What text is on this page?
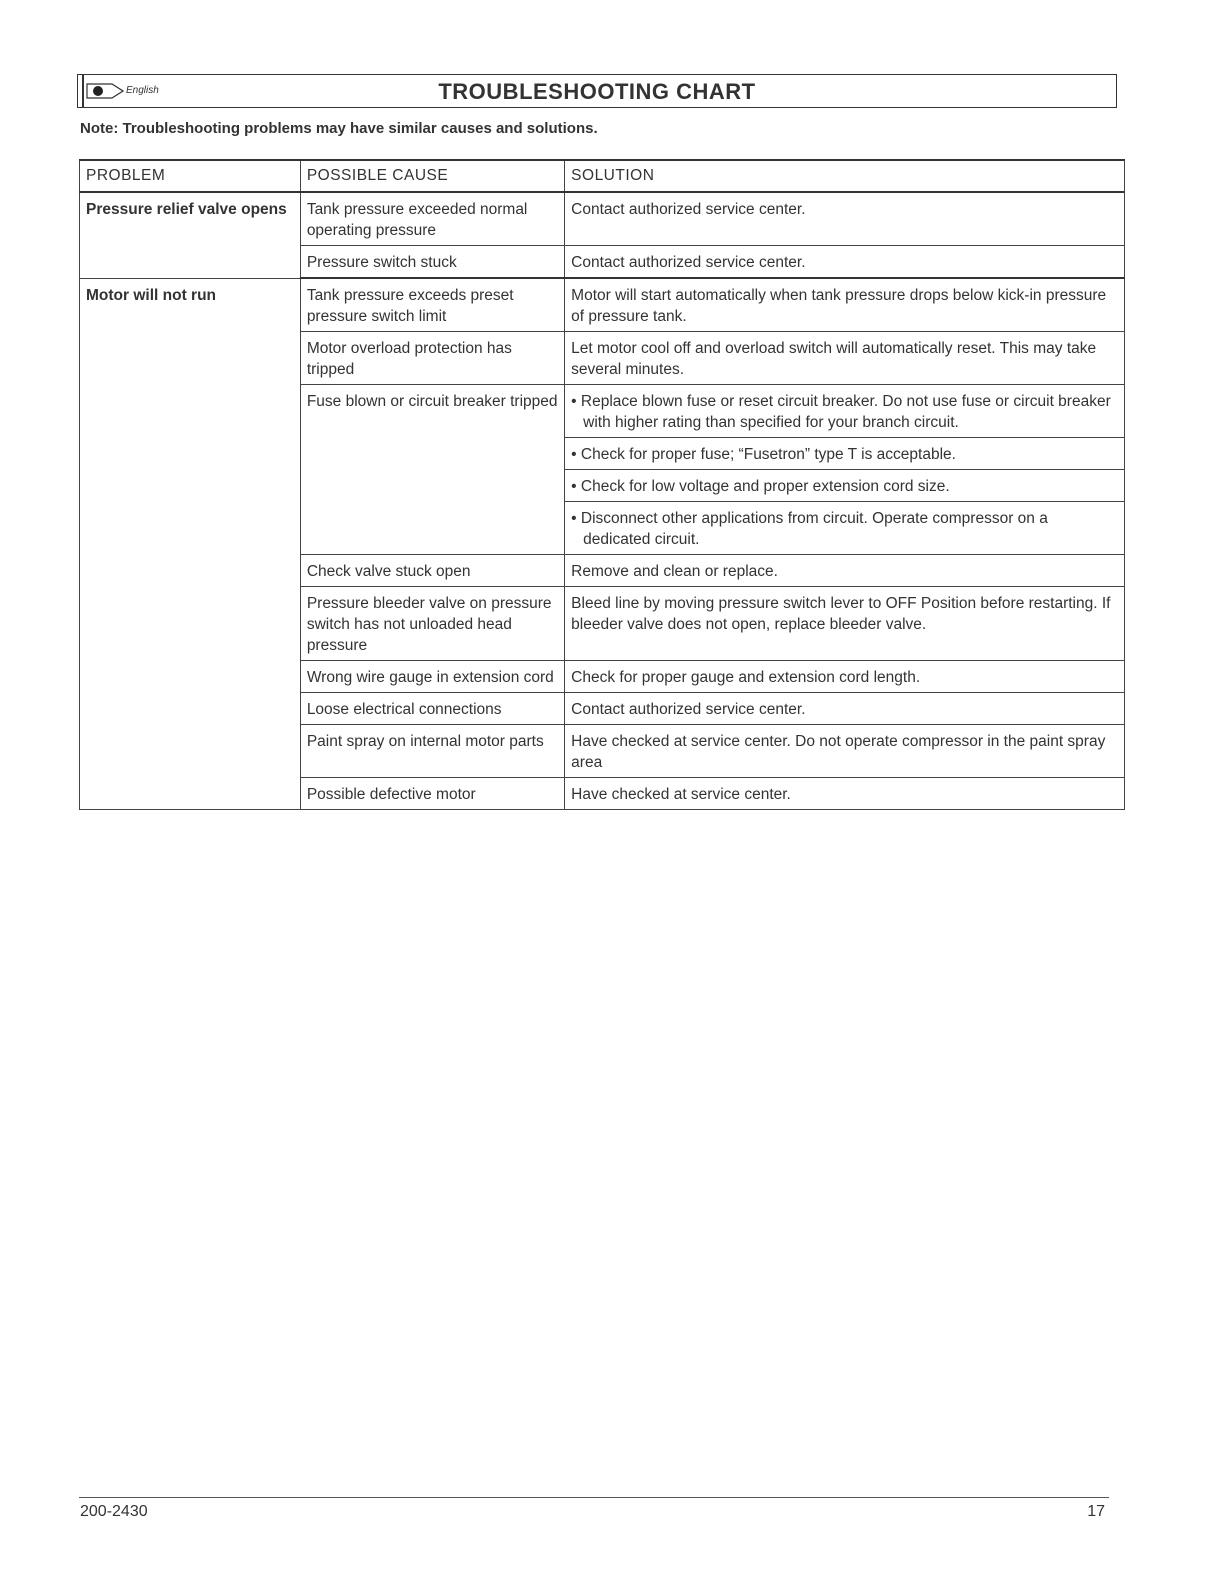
English	TROUBLESHOOTING CHART
Note: Troubleshooting problems may have similar causes and solutions.
PROBLEM	POSSIBLE CAUSE	SOLUTION
Pressure relief valve opens	Tank pressure exceeded normal operating pressure	Contact authorized service center.
	Pressure switch stuck	Contact authorized service center.
Motor will not run	Tank pressure exceeds preset pressure switch limit	Motor will start automatically when tank pressure drops below kick-in pressure of pressure tank.
	Motor overload protection has tripped	Let motor cool off and overload switch will automatically reset. This may take several minutes.
	Fuse blown or circuit breaker tripped	• Replace blown fuse or reset circuit breaker. Do not use fuse or circuit breaker with higher rating than specified for your branch circuit.

		• Check for proper fuse; “Fusetron” type T is acceptable.

		• Check for low voltage and proper extension cord size.

		• Disconnect other applications from circuit. Operate compressor on a dedicated circuit.

	Check valve stuck open	Remove and clean or replace.
	Pressure bleeder valve on pressure switch has not unloaded head pressure	Bleed line by moving pressure switch lever to OFF Position before restarting. If bleeder valve does not open, replace bleeder valve.
	Wrong wire gauge in extension cord	Check for proper gauge and extension cord length.
	Loose electrical connections	Contact authorized service center.
	Paint spray on internal motor parts	Have checked at service center. Do not operate compressor in the paint spray area
	Possible defective motor	Have checked at service center.
200-2430	17
